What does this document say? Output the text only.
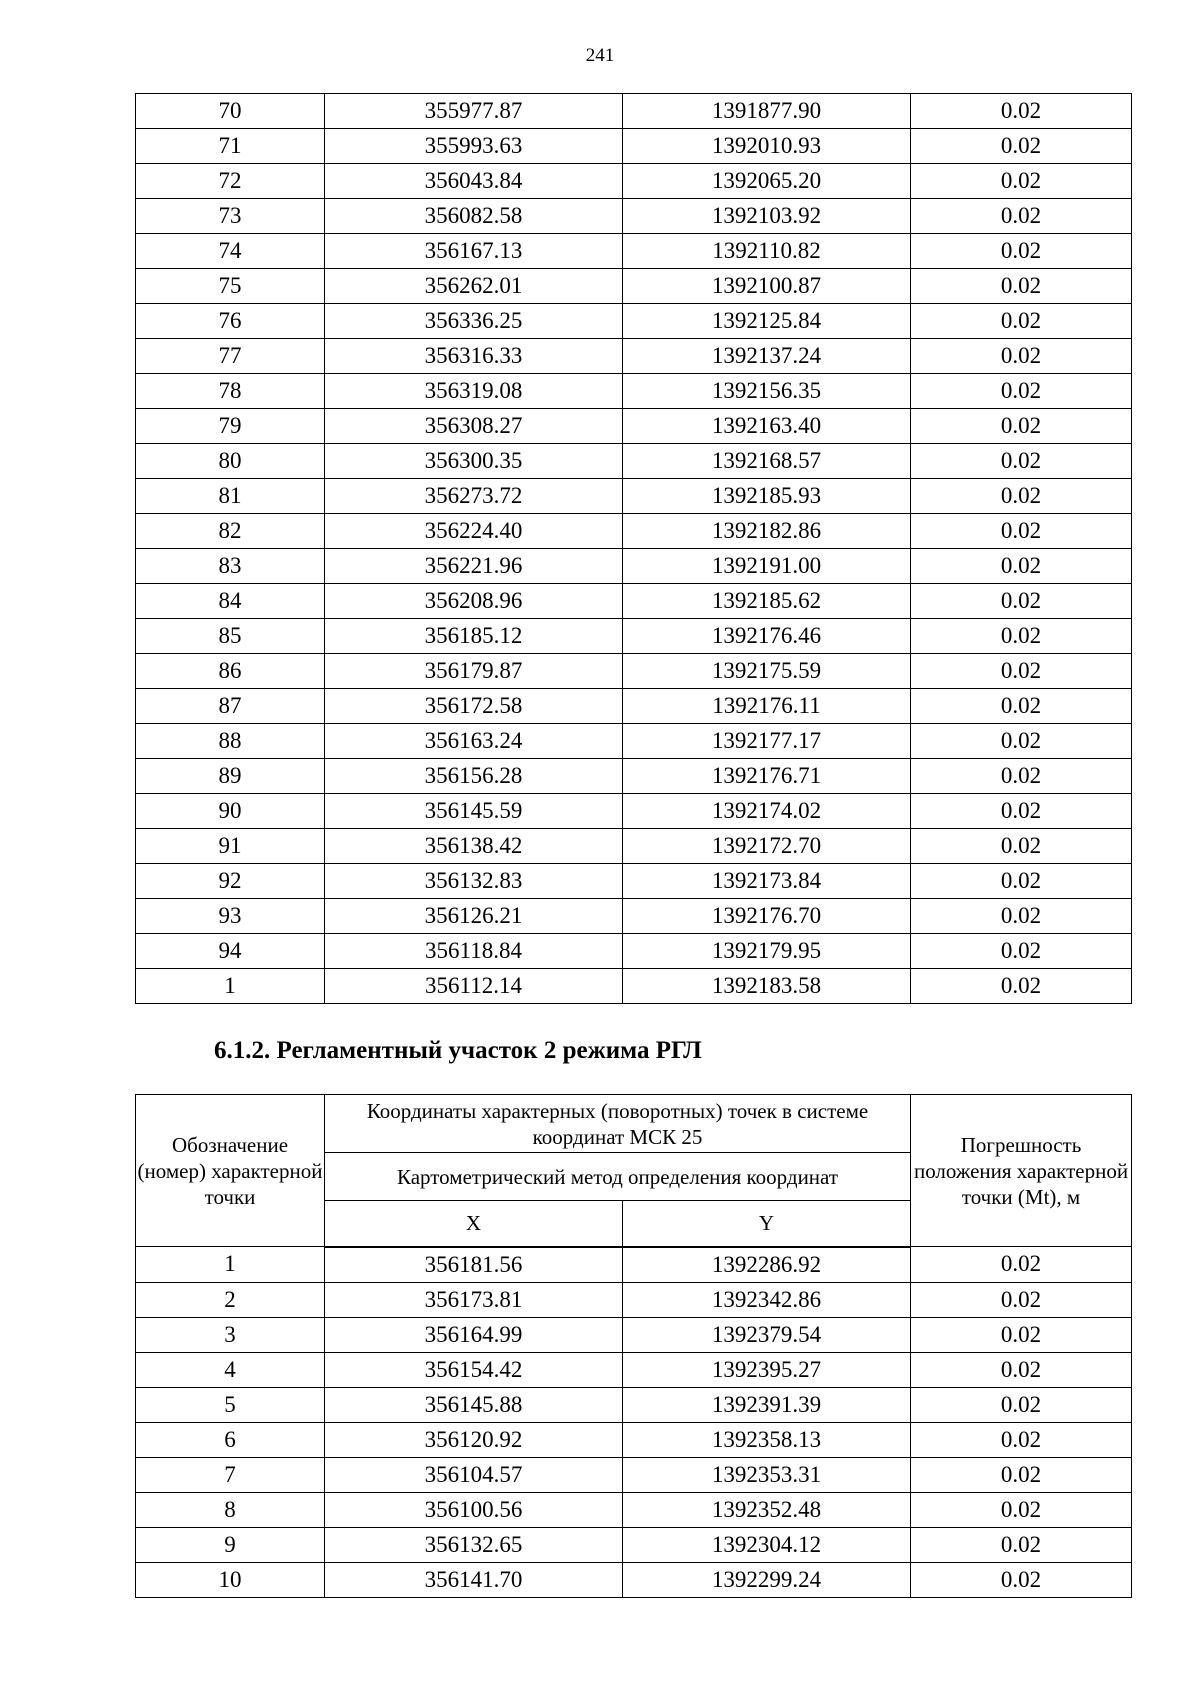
241
70	355977.87	1391877.90	0.02
71	355993.63	1392010.93	0.02
72	356043.84	1392065.20	0.02
73	356082.58	1392103.92	0.02
74	356167.13	1392110.82	0.02
75	356262.01	1392100.87	0.02
76	356336.25	1392125.84	0.02
77	356316.33	1392137.24	0.02
78	356319.08	1392156.35	0.02
79	356308.27	1392163.40	0.02
80	356300.35	1392168.57	0.02
81	356273.72	1392185.93	0.02
82	356224.40	1392182.86	0.02
83	356221.96	1392191.00	0.02
84	356208.96	1392185.62	0.02
85	356185.12	1392176.46	0.02
86	356179.87	1392175.59	0.02
87	356172.58	1392176.11	0.02
88	356163.24	1392177.17	0.02
89	356156.28	1392176.71	0.02
90	356145.59	1392174.02	0.02
91	356138.42	1392172.70	0.02
92	356132.83	1392173.84	0.02
93	356126.21	1392176.70	0.02
94	356118.84	1392179.95	0.02
1	356112.14	1392183.58	0.02
6.1.2. Регламентный участок 2 режима РГЛ
Обозначение (номер) характерной точки	Координаты характерных (поворотных) точек в системе координат МСК 25		Погрешность положения характерной точки (Mt), м
	Картометрический метод определения координат		
	X	Y	
1	356181.56	1392286.92	0.02
2	356173.81	1392342.86	0.02
3	356164.99	1392379.54	0.02
4	356154.42	1392395.27	0.02
5	356145.88	1392391.39	0.02
6	356120.92	1392358.13	0.02
7	356104.57	1392353.31	0.02
8	356100.56	1392352.48	0.02
9	356132.65	1392304.12	0.02
10	356141.70	1392299.24	0.02
